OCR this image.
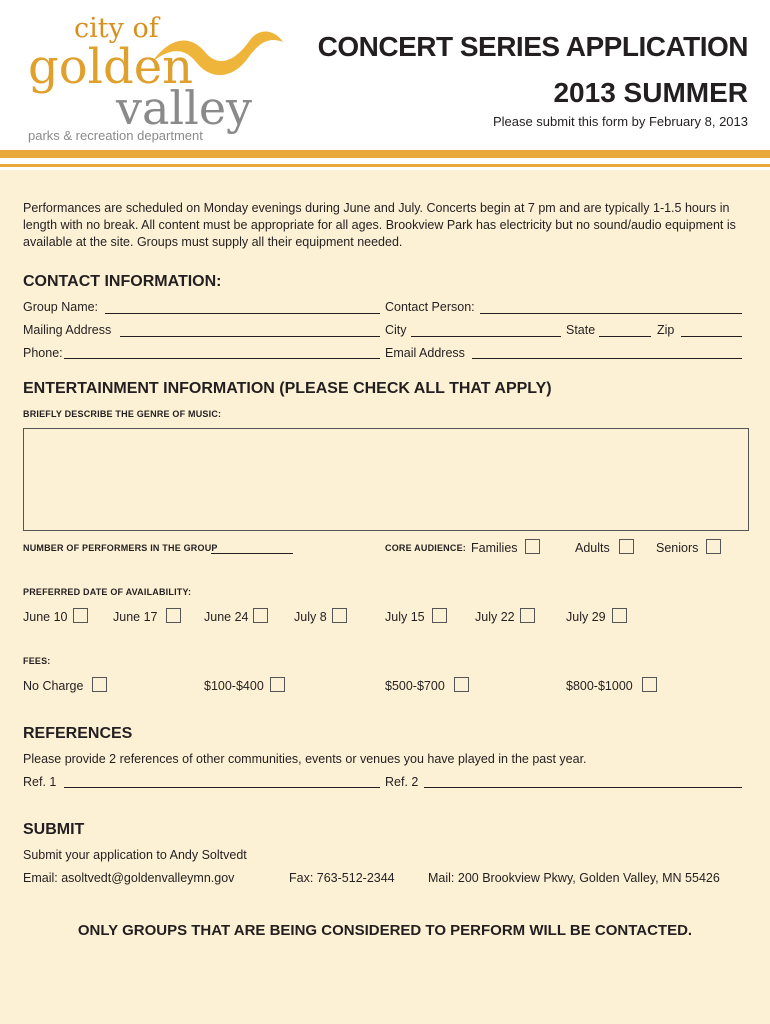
city of
golden
valley
parks & recreation department
CONCERT SERIES APPLICATION
2013 SUMMER
Please submit this form by February 8, 2013
Performances are scheduled on Monday evenings during June and July. Concerts begin at 7 pm and are typically 1-1.5 hours in length with no break. All content must be appropriate for all ages. Brookview Park has electricity but no sound/audio equipment is available at the site. Groups must supply all their equipment needed.
CONTACT INFORMATION:
Group Name:	Contact Person:
Mailing Address	City	State	Zip
Phone:	Email Address
ENTERTAINMENT INFORMATION (PLEASE CHECK ALL THAT APPLY)
BRIEFLY DESCRIBE THE GENRE OF MUSIC:
NUMBER OF PERFORMERS IN THE GROUP	CORE AUDIENCE: Families	Adults	Seniors
PREFERRED DATE OF AVAILABILITY:
June 10	June 17	June 24	July 8	July 15	July 22	July 29
FEES:
No Charge	$100-$400	$500-$700	$800-$1000
REFERENCES
Please provide 2 references of other communities, events or venues you have played in the past year.
Ref. 1	Ref. 2
SUBMIT
Submit your application to Andy Soltvedt
Email: asoltvedt@goldenvalleymn.gov	Fax: 763-512-2344	Mail: 200 Brookview Pkwy, Golden Valley, MN 55426
ONLY GROUPS THAT ARE BEING CONSIDERED TO PERFORM WILL BE CONTACTED.
